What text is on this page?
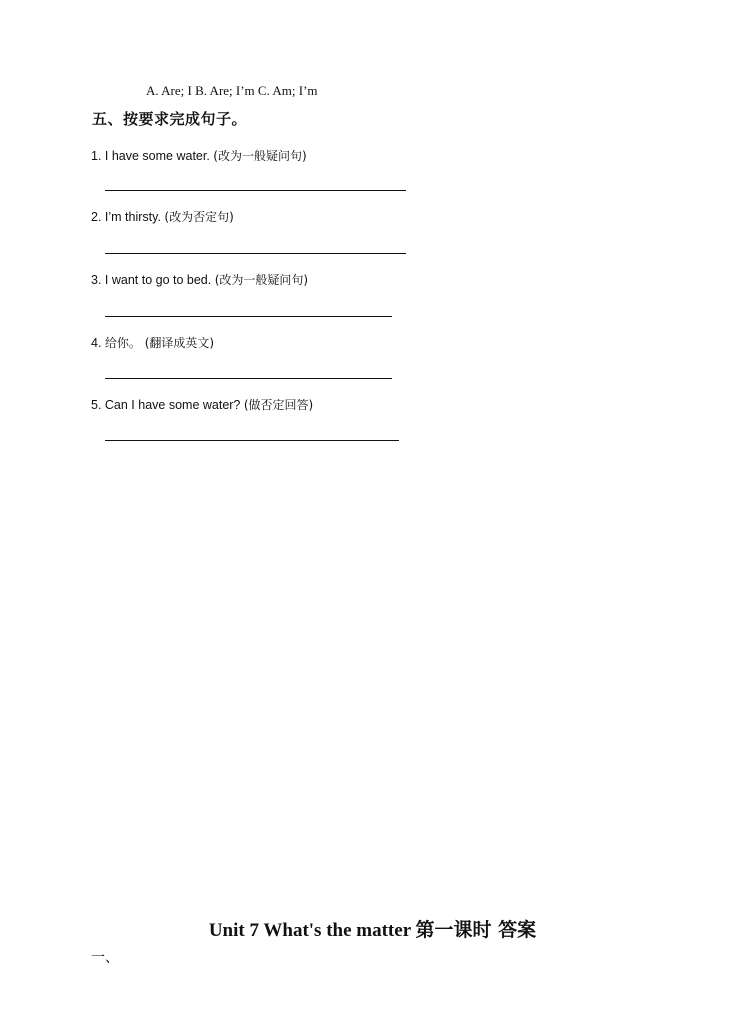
A. Are; I B. Are; I’m C. Am; I’m
五、按要求完成句子。
1. I have some water. (改为一般疑问句)
2. I’m thirsty. (改为否定句)
3. I want to go to bed. (改为一般疑问句)
4. 给你。 (翻译成英文)
5. Can I have some water? (做否定回答)
Unit 7 What's the matter 第一课时 答案
一、
